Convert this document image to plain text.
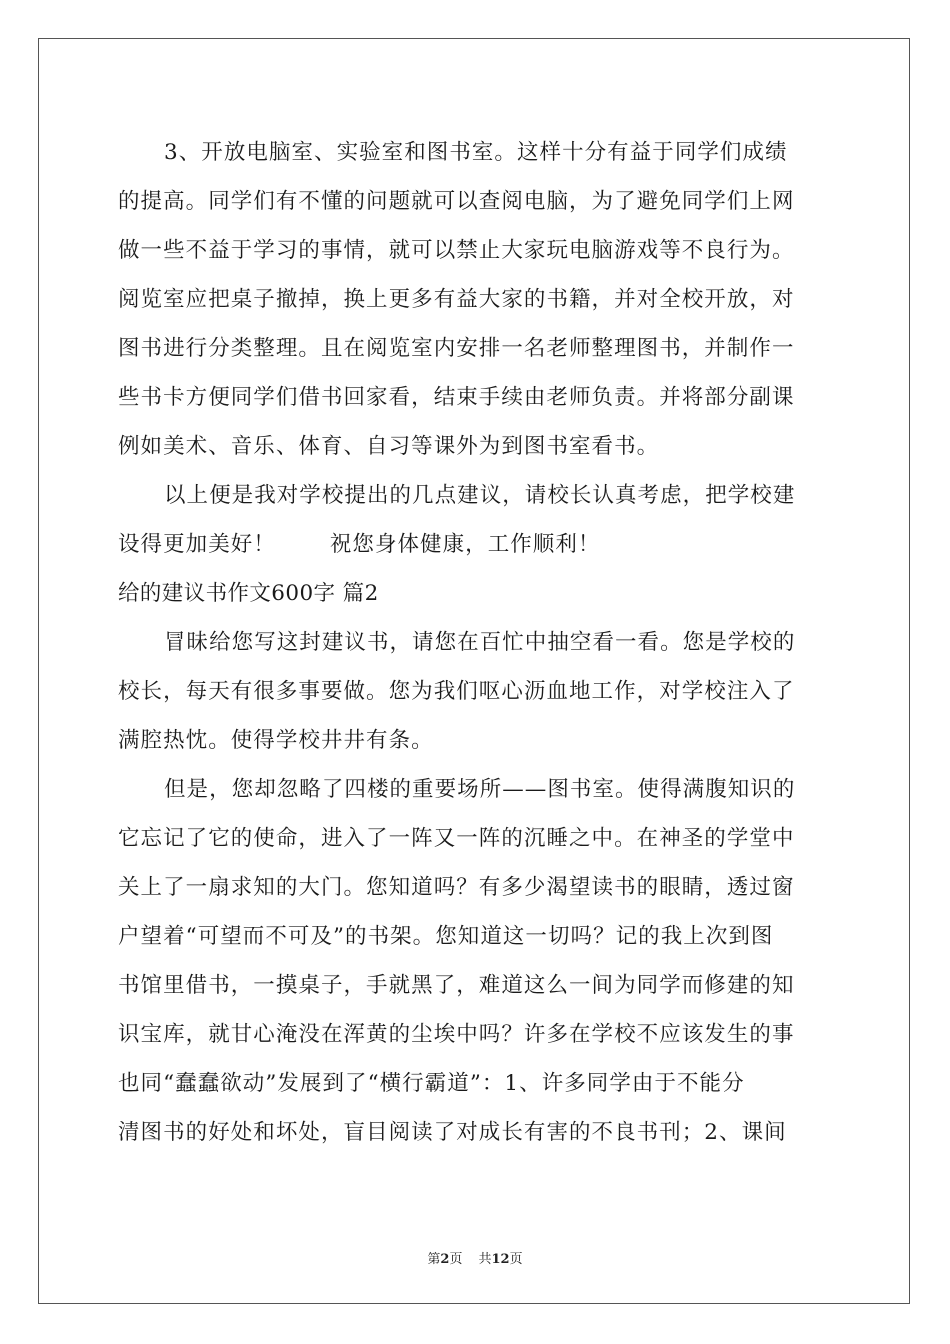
3、开放电脑室、实验室和图书室。这样十分有益于同学们成绩
的提高。同学们有不懂的问题就可以查阅电脑，为了避免同学们上网
做一些不益于学习的事情，就可以禁止大家玩电脑游戏等不良行为。
阅览室应把桌子撤掉，换上更多有益大家的书籍，并对全校开放，对
图书进行分类整理。且在阅览室内安排一名老师整理图书，并制作一
些书卡方便同学们借书回家看，结束手续由老师负责。并将部分副课
例如美术、音乐、体育、自习等课外为到图书室看书。
以上便是我对学校提出的几点建议，请校长认真考虑，把学校建
设得更加美好！	祝您身体健康，工作顺利！
给的建议书作文600字 篇2
冒昧给您写这封建议书，请您在百忙中抽空看一看。您是学校的
校长，每天有很多事要做。您为我们呕心沥血地工作，对学校注入了
满腔热忱。使得学校井井有条。
但是，您却忽略了四楼的重要场所——图书室。使得满腹知识的
它忘记了它的使命，进入了一阵又一阵的沉睡之中。在神圣的学堂中
关上了一扇求知的大门。您知道吗？有多少渴望读书的眼睛，透过窗
户望着“可望而不可及”的书架。您知道这一切吗？记的我上次到图
书馆里借书，一摸桌子，手就黑了，难道这么一间为同学而修建的知
识宝库，就甘心淹没在浑黄的尘埃中吗？许多在学校不应该发生的事
也同“蠢蠢欲动”发展到了“横行霸道”：1、许多同学由于不能分
清图书的好处和坏处，盲目阅读了对成长有害的不良书刊；2、课间
第2页 共12页
